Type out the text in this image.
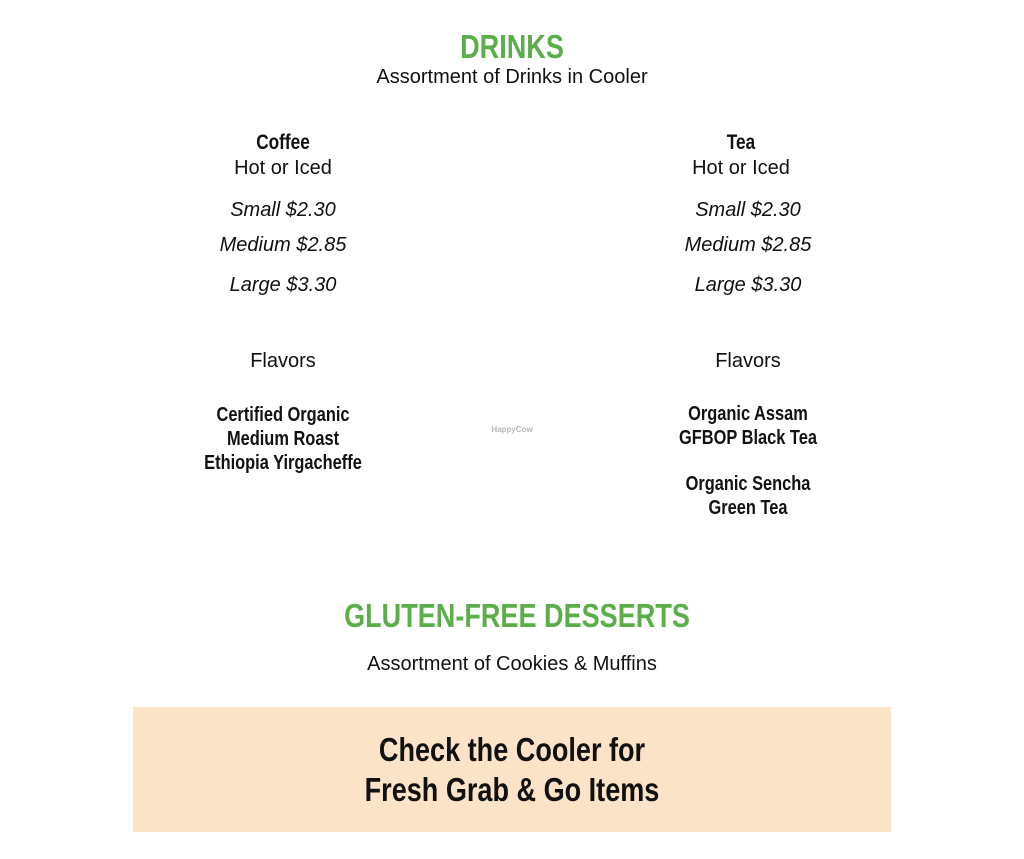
DRINKS
Assortment of Drinks in Cooler
Coffee
Hot or Iced
Small $2.30
Medium $2.85
Large $3.30
Flavors
Certified Organic
Medium Roast
Ethiopia Yirgacheffe
HappyCow
Tea
Hot or Iced
Small $2.30
Medium $2.85
Large $3.30
Flavors
Organic Assam
GFBOP Black Tea
Organic Sencha
Green Tea
GLUTEN-FREE DESSERTS
Assortment of Cookies & Muffins
Check the Cooler for
Fresh Grab & Go Items
